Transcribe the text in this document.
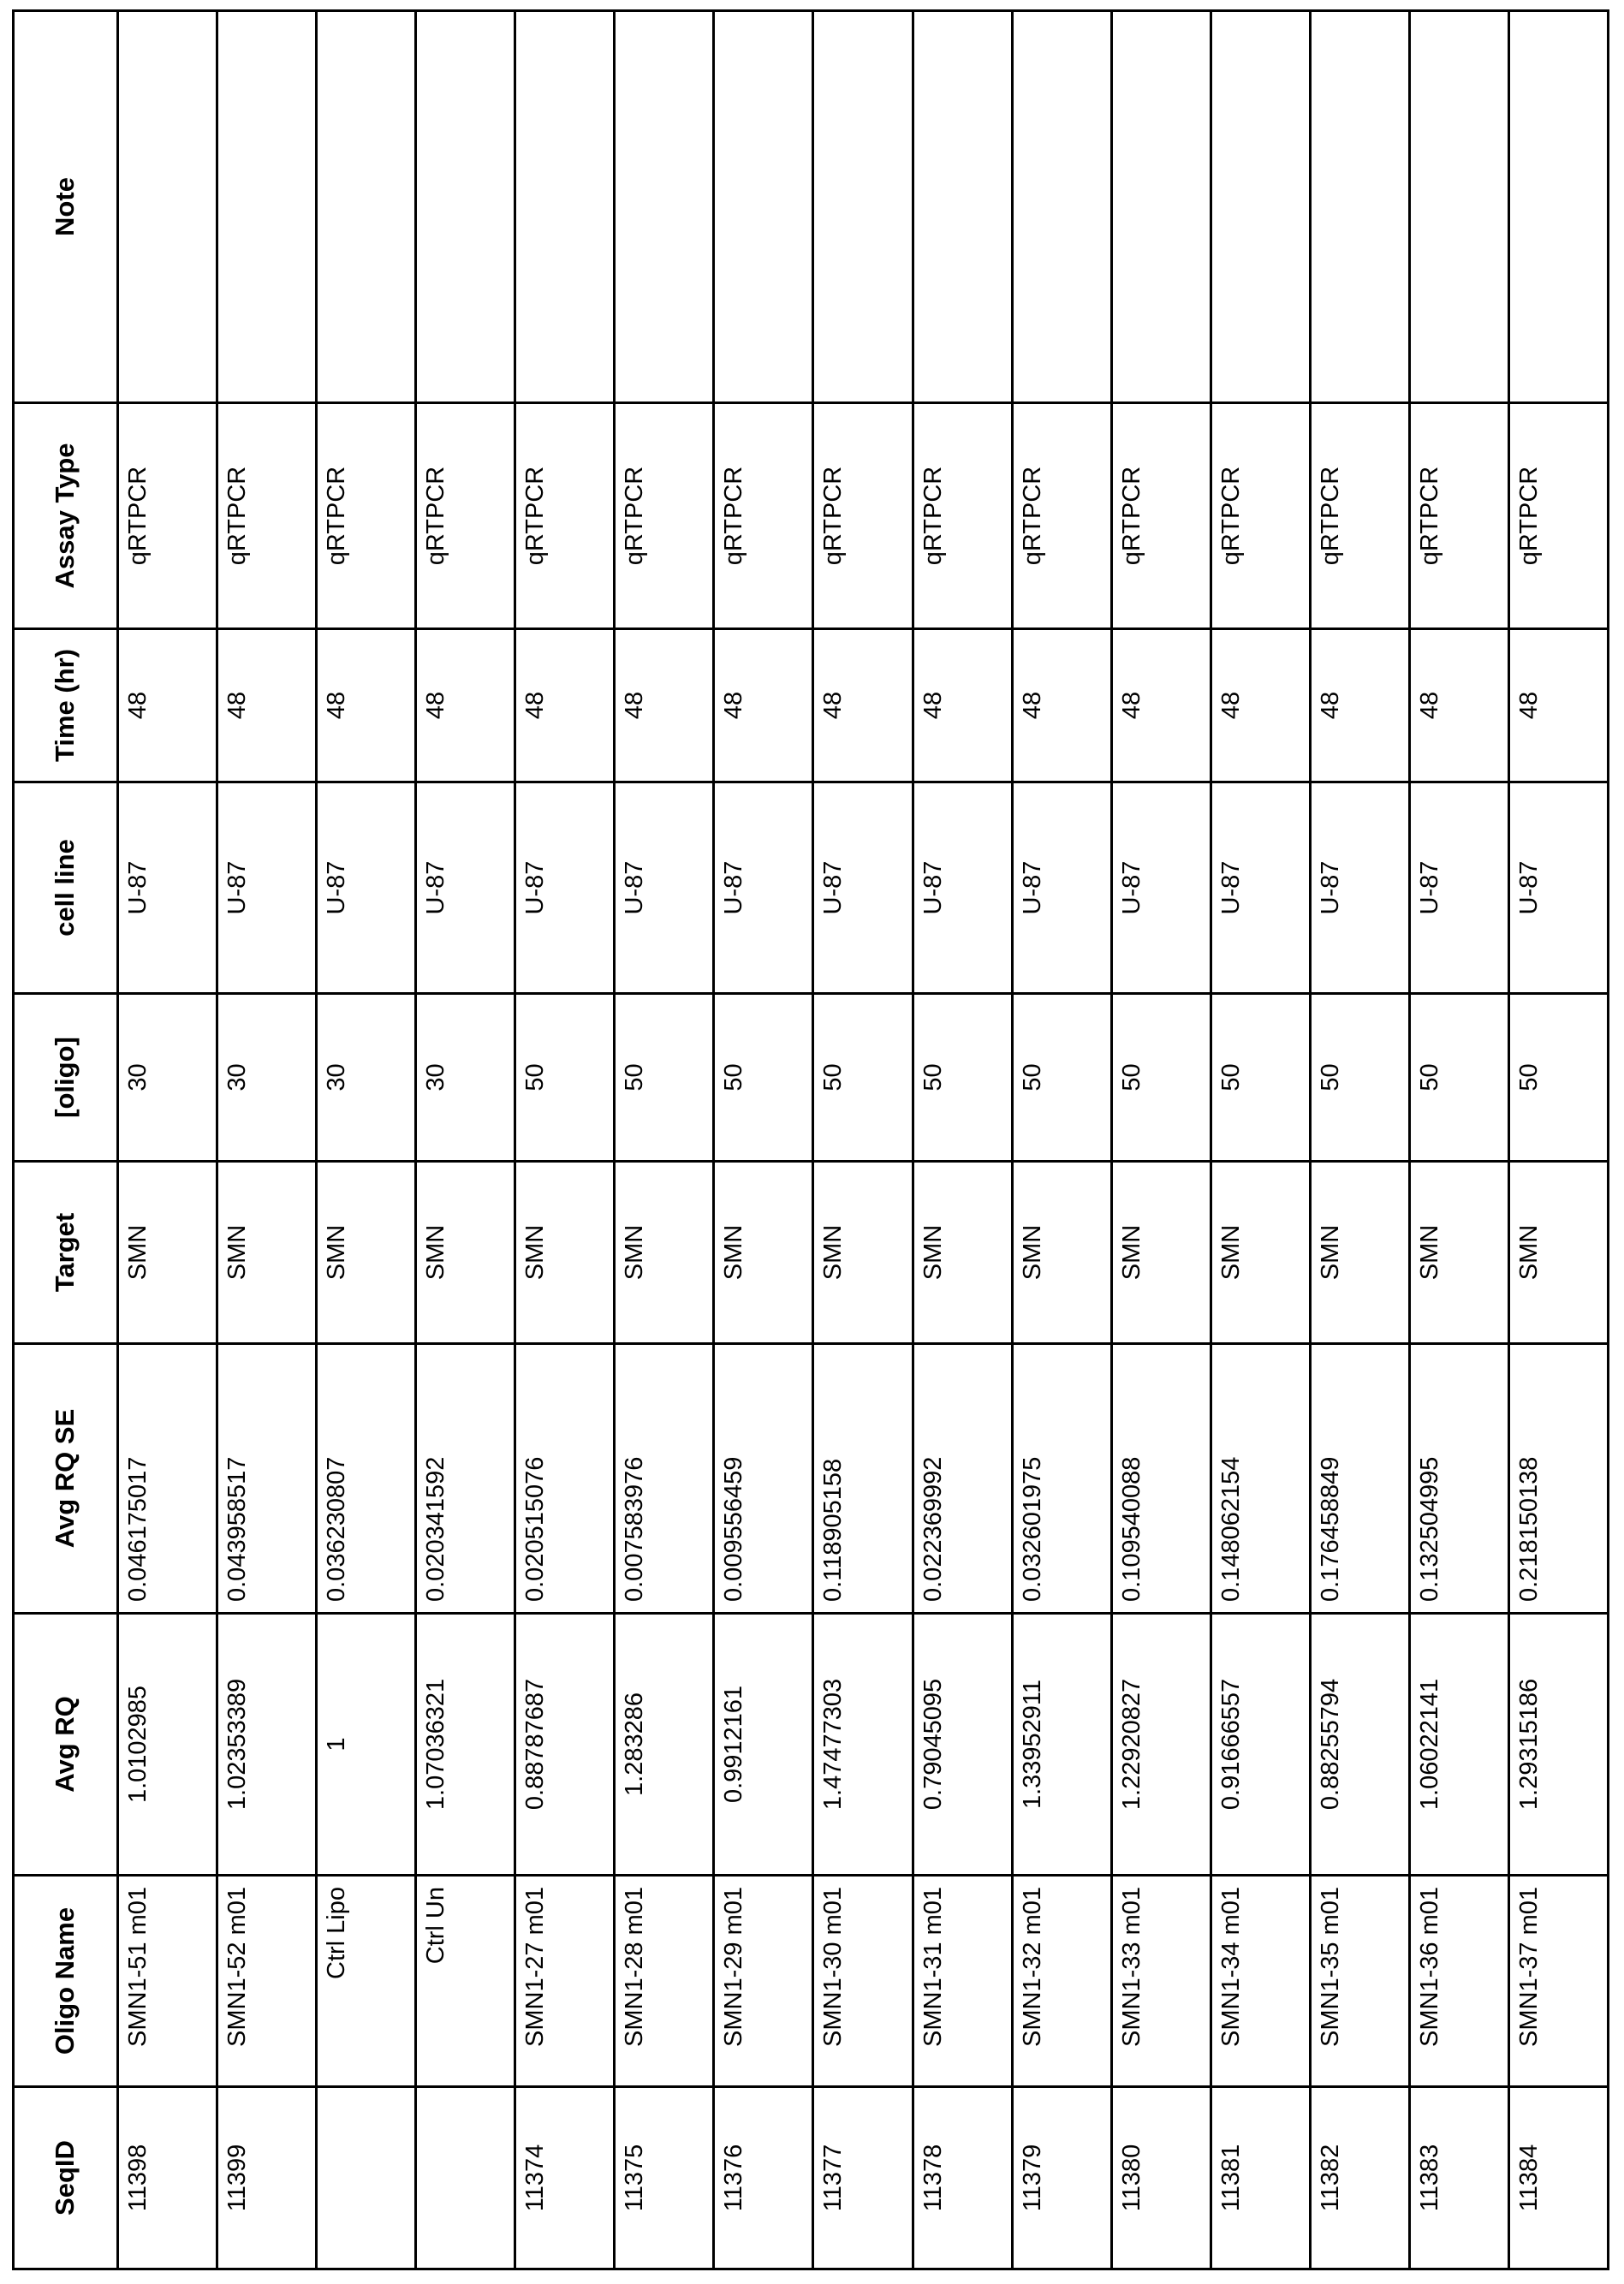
SeqID	Oligo Name	Avg RQ	Avg RQ SE	Target	[oligo]	cell line	Time (hr)	Assay Type	Note
11398	SMN1-51 m01	1.0102985	0.046175017	SMN	30	U-87	48	qRTPCR	
11399	SMN1-52 m01	1.02353389	0.043958517	SMN	30	U-87	48	qRTPCR	
	Ctrl Lipo	1	0.036230807	SMN	30	U-87	48	qRTPCR	
	Ctrl Un	1.07036321	0.020341592	SMN	30	U-87	48	qRTPCR	
11374	SMN1-27 m01	0.88787687	0.020515076	SMN	50	U-87	48	qRTPCR	
11375	SMN1-28 m01	1.283286	0.007583976	SMN	50	U-87	48	qRTPCR	
11376	SMN1-29 m01	0.9912161	0.009556459	SMN	50	U-87	48	qRTPCR	
11377	SMN1-30 m01	1.47477303	0.118905158	SMN	50	U-87	48	qRTPCR	
11378	SMN1-31 m01	0.79045095	0.022369992	SMN	50	U-87	48	qRTPCR	
11379	SMN1-32 m01	1.33952911	0.032601975	SMN	50	U-87	48	qRTPCR	
11380	SMN1-33 m01	1.22920827	0.109540088	SMN	50	U-87	48	qRTPCR	
11381	SMN1-34 m01	0.91666557	0.148062154	SMN	50	U-87	48	qRTPCR	
11382	SMN1-35 m01	0.88255794	0.176458849	SMN	50	U-87	48	qRTPCR	
11383	SMN1-36 m01	1.06022141	0.132504995	SMN	50	U-87	48	qRTPCR	
11384	SMN1-37 m01	1.29315186	0.218150138	SMN	50	U-87	48	qRTPCR	
